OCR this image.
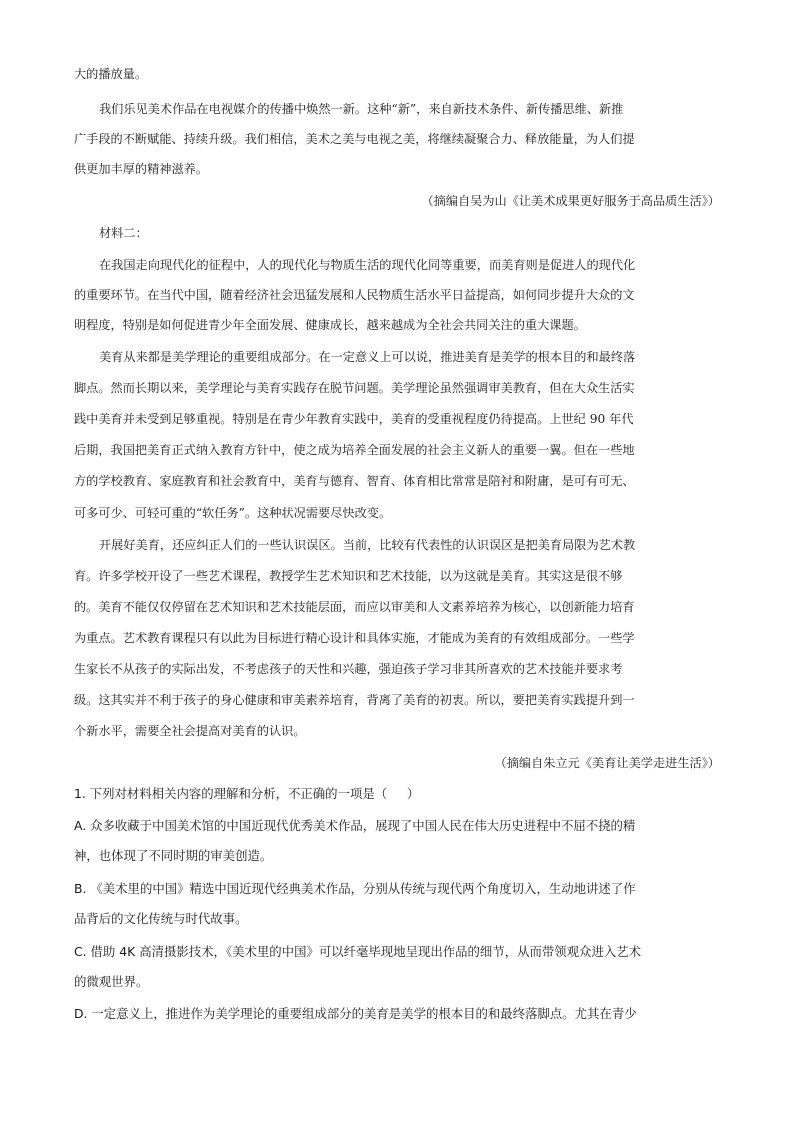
大的播放量。

我们乐见美术作品在电视媒介的传播中焕然一新。这种“新”，来自新技术条件、新传播思维、新推

广手段的不断赋能、持续升级。我们相信，美术之美与电视之美，将继续凝聚合力、释放能量，为人们提

供更加丰厚的精神滋养。

（摘编自吴为山《让美术成果更好服务于高品质生活》）

材料二：

在我国走向现代化的征程中，人的现代化与物质生活的现代化同等重要，而美育则是促进人的现代化

的重要环节。在当代中国，随着经济社会迅猛发展和人民物质生活水平日益提高，如何同步提升大众的文

明程度，特别是如何促进青少年全面发展、健康成长，越来越成为全社会共同关注的重大课题。

美育从来都是美学理论的重要组成部分。在一定意义上可以说，推进美育是美学的根本目的和最终落

脚点。然而长期以来，美学理论与美育实践存在脱节问题。美学理论虽然强调审美教育，但在大众生活实

践中美育并未受到足够重视。特别是在青少年教育实践中，美育的受重视程度仍待提高。上世纪 90 年代

后期，我国把美育正式纳入教育方针中，使之成为培养全面发展的社会主义新人的重要一翼。但在一些地

方的学校教育、家庭教育和社会教育中，美育与德育、智育、体育相比常常是陪衬和附庸，是可有可无、

可多可少、可轻可重的“软任务”。这种状况需要尽快改变。

开展好美育，还应纠正人们的一些认识误区。当前，比较有代表性的认识误区是把美育局限为艺术教

育。许多学校开设了一些艺术课程，教授学生艺术知识和艺术技能，以为这就是美育。其实这是很不够

的。美育不能仅仅停留在艺术知识和艺术技能层面，而应以审美和人文素养培养为核心，以创新能力培育

为重点。艺术教育课程只有以此为目标进行精心设计和具体实施，才能成为美育的有效组成部分。一些学

生家长不从孩子的实际出发，不考虑孩子的天性和兴趣，强迫孩子学习非其所喜欢的艺术技能并要求考

级。这其实并不利于孩子的身心健康和审美素养培育，背离了美育的初衷。所以，要把美育实践提升到一

个新水平，需要全社会提高对美育的认识。

（摘编自朱立元《美育让美学走进生活》）

1. 下列对材料相关内容的理解和分析，不正确的一项是（     ）

A. 众多收藏于中国美术馆的中国近现代优秀美术作品，展现了中国人民在伟大历史进程中不屈不挠的精

神，也体现了不同时期的审美创造。

B. 《美术里的中国》精选中国近现代经典美术作品，分别从传统与现代两个角度切入，生动地讲述了作

品背后的文化传统与时代故事。

C. 借助 4K 高清摄影技术，《美术里的中国》可以纤毫毕现地呈现出作品的细节，从而带领观众进入艺术

的微观世界。

D. 一定意义上，推进作为美学理论的重要组成部分的美育是美学的根本目的和最终落脚点。尤其在青少
